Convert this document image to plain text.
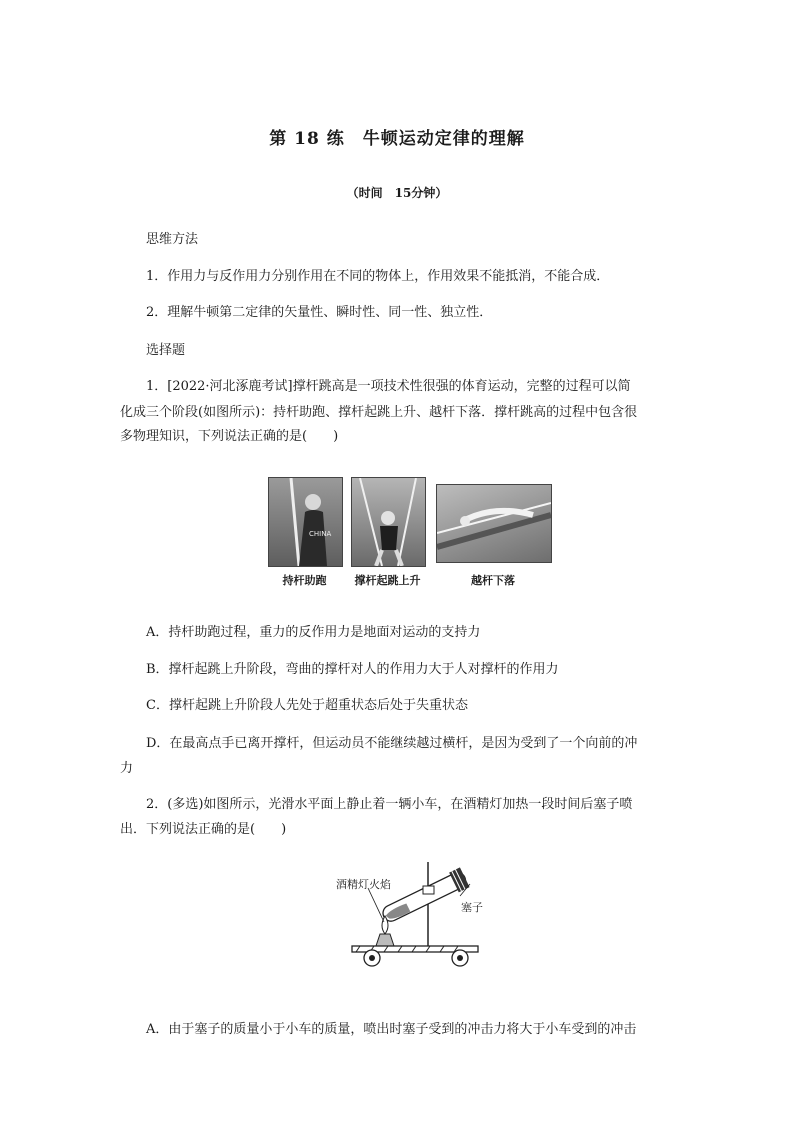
第 18 练　牛顿运动定律的理解
（时间　15分钟）
思维方法
1．作用力与反作用力分别作用在不同的物体上，作用效果不能抵消，不能合成．
2．理解牛顿第二定律的矢量性、瞬时性、同一性、独立性．
选择题
1．[2022·河北涿鹿考试]撑杆跳高是一项技术性很强的体育运动，完整的过程可以简
化成三个阶段(如图所示)：持杆助跑、撑杆起跳上升、越杆下落．撑杆跳高的过程中包含很
多物理知识，下列说法正确的是(　　)
CHINA
持杆助跑	撑杆起跳上升	越杆下落
A．持杆助跑过程，重力的反作用力是地面对运动的支持力
B．撑杆起跳上升阶段，弯曲的撑杆对人的作用力大于人对撑杆的作用力
C．撑杆起跳上升阶段人先处于超重状态后处于失重状态
D．在最高点手已离开撑杆，但运动员不能继续越过横杆，是因为受到了一个向前的冲
力
2．(多选)如图所示，光滑水平面上静止着一辆小车，在酒精灯加热一段时间后塞子喷
出．下列说法正确的是(　　)
酒精灯火焰
塞子
A．由于塞子的质量小于小车的质量，喷出时塞子受到的冲击力将大于小车受到的冲击
